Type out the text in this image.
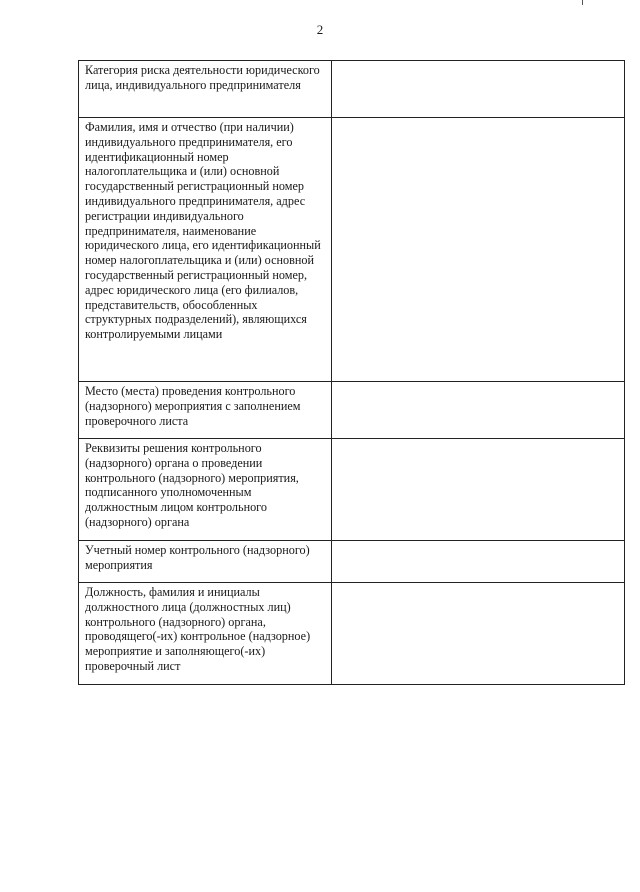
2
Категория риска деятельности юридического лица, индивидуального предпринимателя	
Фамилия, имя и отчество (при наличии) индивидуального предпринимателя, его идентификационный номер налогоплательщика и (или) основной государственный регистрационный номер индивидуального предпринимателя, адрес регистрации индивидуального предпринимателя, наименование юридического лица, его идентификационный номер налогоплательщика и (или) основной государственный регистрационный номер, адрес юридического лица (его филиалов, представительств, обособленных структурных подразделений), являющихся контролируемыми лицами	
Место (места) проведения контрольного (надзорного) мероприятия с заполнением проверочного листа	
Реквизиты решения контрольного (надзорного) органа о проведении контрольного (надзорного) мероприятия, подписанного уполномоченным должностным лицом контрольного (надзорного) органа	
Учетный номер контрольного (надзорного) мероприятия	
Должность, фамилия и инициалы должностного лица (должностных лиц) контрольного (надзорного) органа, проводящего(-их) контрольное (надзорное) мероприятие и заполняющего(-их) проверочный лист	
